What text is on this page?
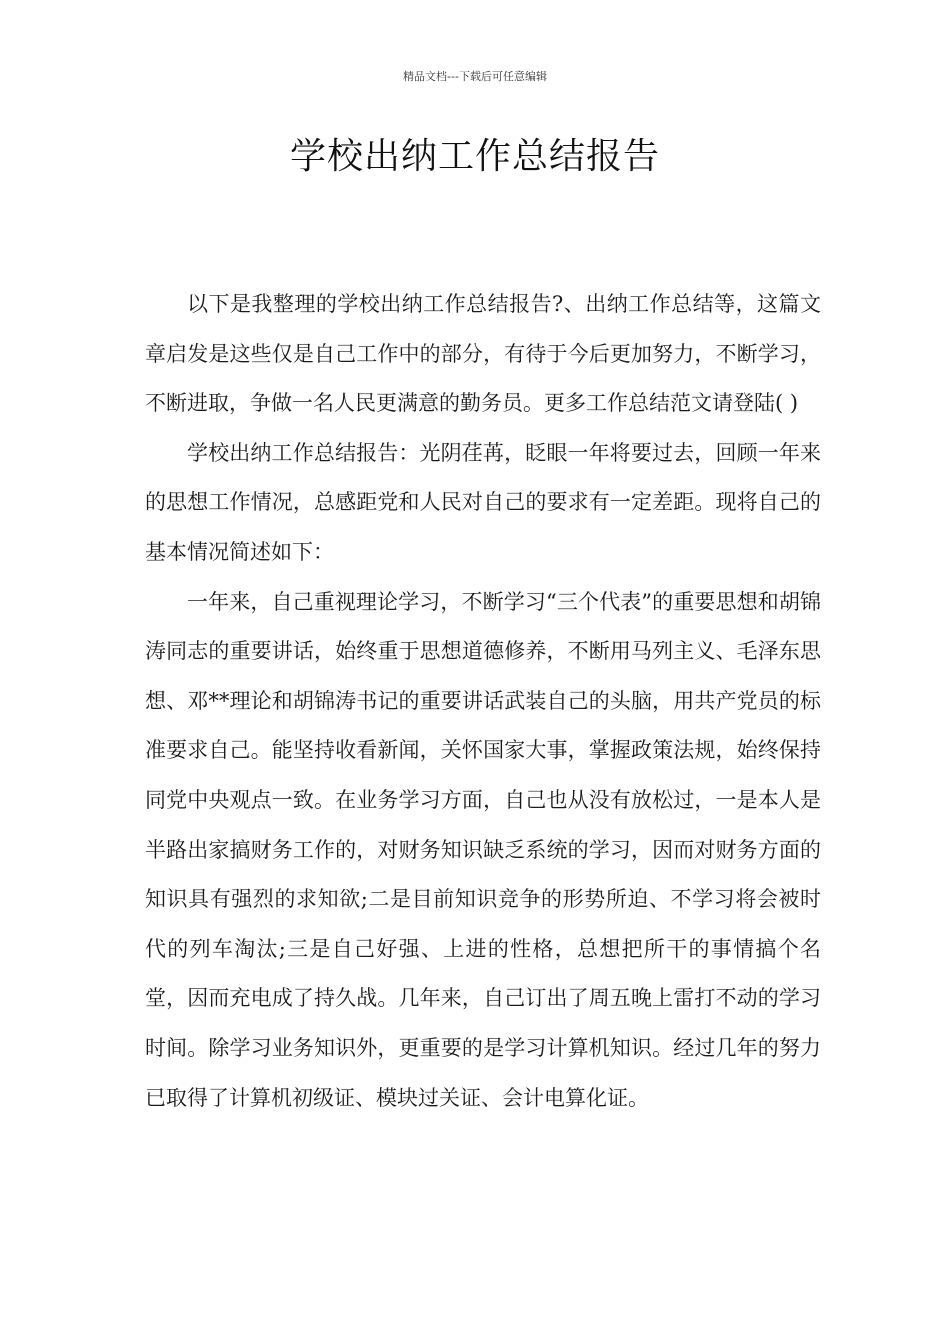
精品文档---下载后可任意编辑
学校出纳工作总结报告

以下是我整理的学校出纳工作总结报告?、出纳工作总结等，这篇文章启发是这些仅是自己工作中的部分，有待于今后更加努力，不断学习，不断进取，争做一名人民更满意的勤务员。更多工作总结范文请登陆( )

学校出纳工作总结报告：光阴荏苒，眨眼一年将要过去，回顾一年来的思想工作情况，总感距党和人民对自己的要求有一定差距。现将自己的基本情况简述如下：

一年来，自己重视理论学习，不断学习“三个代表”的重要思想和胡锦涛同志的重要讲话，始终重于思想道德修养，不断用马列主义、毛泽东思想、邓**理论和胡锦涛书记的重要讲话武装自己的头脑，用共产党员的标准要求自己。能坚持收看新闻，关怀国家大事，掌握政策法规，始终保持同党中央观点一致。在业务学习方面，自己也从没有放松过，一是本人是半路出家搞财务工作的，对财务知识缺乏系统的学习，因而对财务方面的知识具有强烈的求知欲;二是目前知识竞争的形势所迫、不学习将会被时代的列车淘汰;三是自己好强、上进的性格，总想把所干的事情搞个名堂，因而充电成了持久战。几年来，自己订出了周五晚上雷打不动的学习时间。除学习业务知识外，更重要的是学习计算机知识。经过几年的努力已取得了计算机初级证、模块过关证、会计电算化证。
